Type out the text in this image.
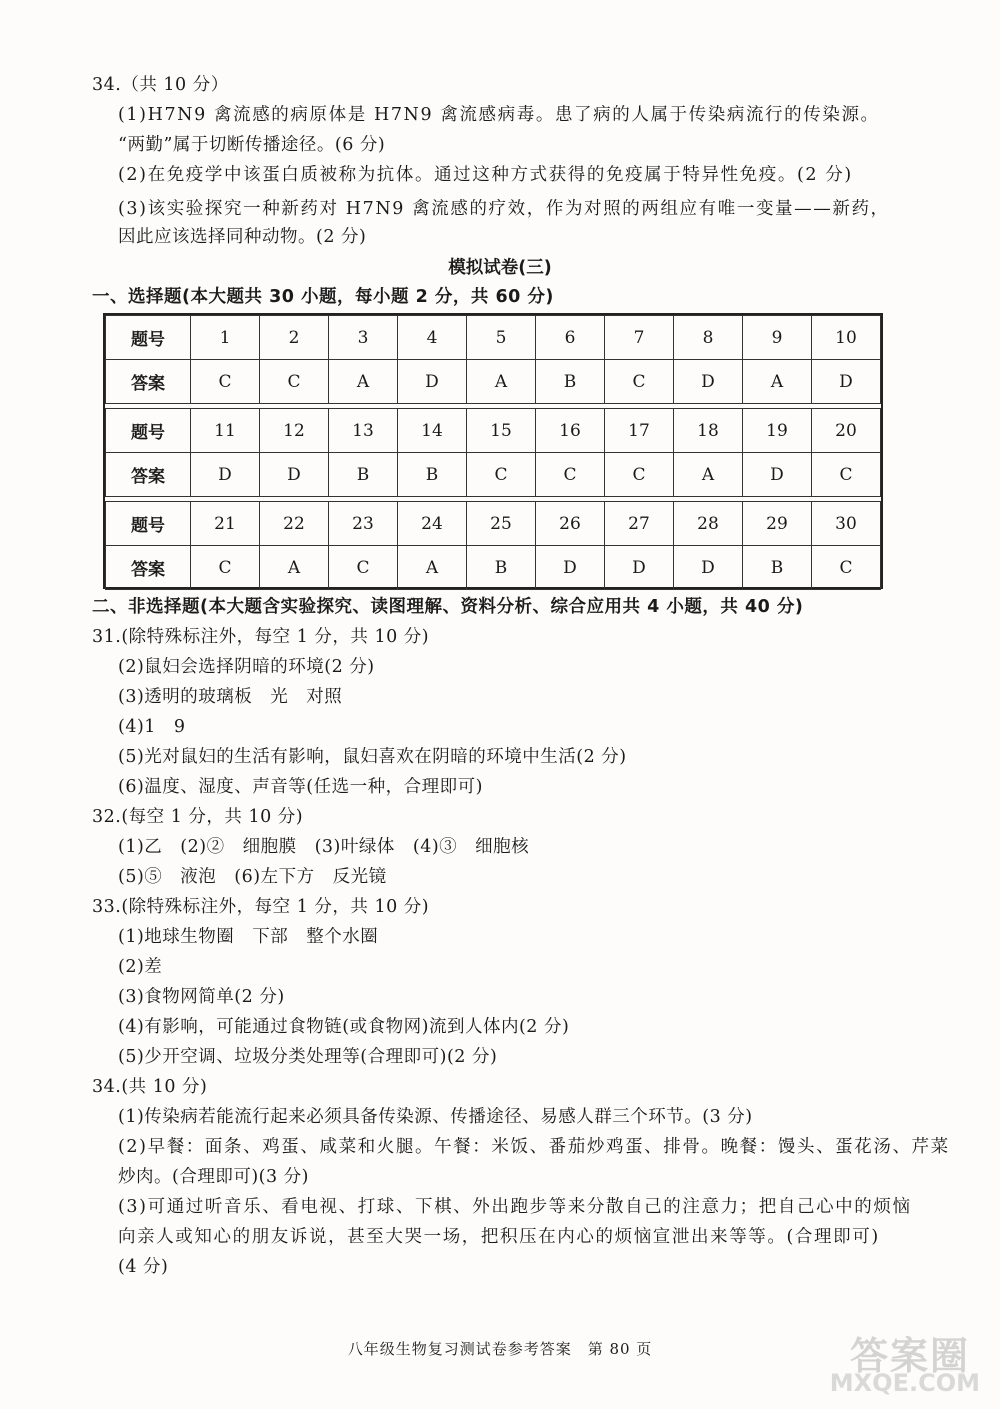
34.（共 10 分）
(1)H7N9 禽流感的病原体是 H7N9 禽流感病毒。患了病的人属于传染病流行的传染源。
“两勤”属于切断传播途径。(6 分)
(2)在免疫学中该蛋白质被称为抗体。通过这种方式获得的免疫属于特异性免疫。(2 分)
(3)该实验探究一种新药对 H7N9 禽流感的疗效，作为对照的两组应有唯一变量——新药，
因此应该选择同种动物。(2 分)
模拟试卷(三)
一、选择题(本大题共 30 小题，每小题 2 分，共 60 分)
题号	1	2	3	4	5	6	7	8	9	10
答案	C	C	A	D	A	B	C	D	A	D

题号	11	12	13	14	15	16	17	18	19	20
答案	D	D	B	B	C	C	C	A	D	C

题号	21	22	23	24	25	26	27	28	29	30
答案	C	A	C	A	B	D	D	D	B	C
二、非选择题(本大题含实验探究、读图理解、资料分析、综合应用共 4 小题，共 40 分)
31.(除特殊标注外，每空 1 分，共 10 分)
(2)鼠妇会选择阴暗的环境(2 分)
(3)透明的玻璃板　光　对照
(4)1　9
(5)光对鼠妇的生活有影响，鼠妇喜欢在阴暗的环境中生活(2 分)
(6)温度、湿度、声音等(任选一种，合理即可)
32.(每空 1 分，共 10 分)
(1)乙　(2)②　细胞膜　(3)叶绿体　(4)③　细胞核
(5)⑤　液泡　(6)左下方　反光镜
33.(除特殊标注外，每空 1 分，共 10 分)
(1)地球生物圈　下部　整个水圈
(2)差
(3)食物网简单(2 分)
(4)有影响，可能通过食物链(或食物网)流到人体内(2 分)
(5)少开空调、垃圾分类处理等(合理即可)(2 分)
34.(共 10 分)
(1)传染病若能流行起来必须具备传染源、传播途径、易感人群三个环节。(3 分)
(2)早餐：面条、鸡蛋、咸菜和火腿。午餐：米饭、番茄炒鸡蛋、排骨。晚餐：馒头、蛋花汤、芹菜
炒肉。(合理即可)(3 分)
(3)可通过听音乐、看电视、打球、下棋、外出跑步等来分散自己的注意力；把自己心中的烦恼
向亲人或知心的朋友诉说，甚至大哭一场，把积压在内心的烦恼宣泄出来等等。(合理即可)
(4 分)
八年级生物复习测试卷参考答案　第 80 页	答案圈
MXQE.COM
